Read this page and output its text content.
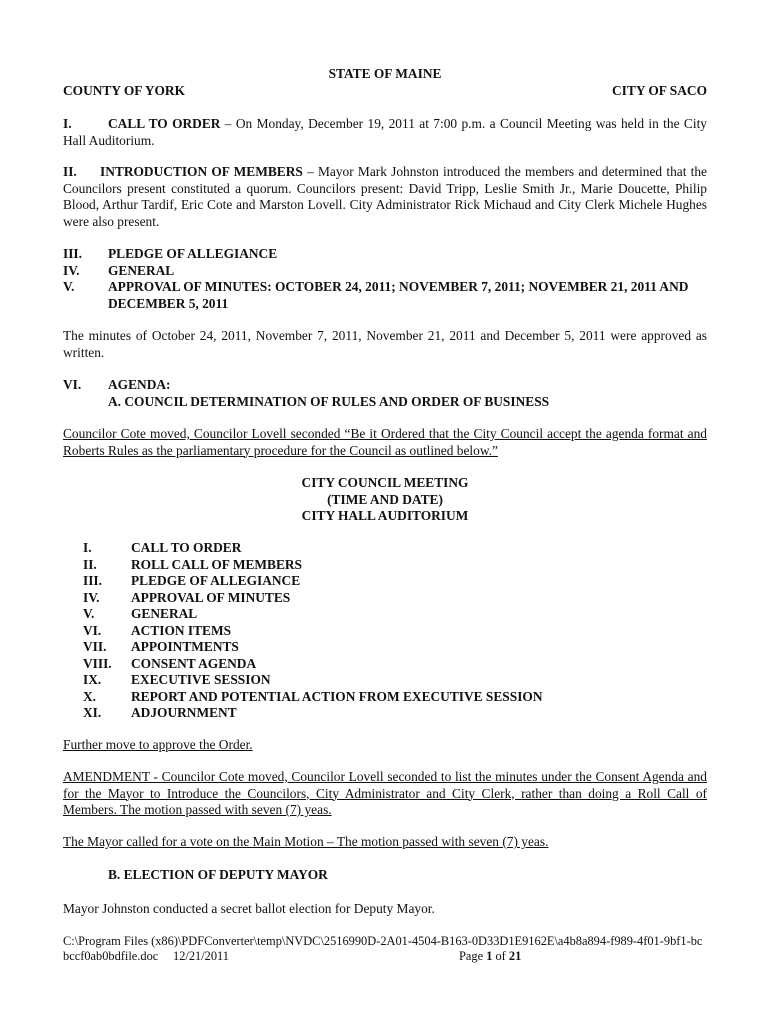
STATE OF MAINE
COUNTY OF YORK	CITY OF SACO
I.	CALL TO ORDER – On Monday, December 19, 2011 at 7:00 p.m. a Council Meeting was held in the City Hall Auditorium.
II. INTRODUCTION OF MEMBERS – Mayor Mark Johnston introduced the members and determined that the Councilors present constituted a quorum. Councilors present: David Tripp, Leslie Smith Jr., Marie Doucette, Philip Blood, Arthur Tardif, Eric Cote and Marston Lovell. City Administrator Rick Michaud and City Clerk Michele Hughes were also present.
III.	PLEDGE OF ALLEGIANCE
IV.	GENERAL
V.	APPROVAL OF MINUTES: OCTOBER 24, 2011; NOVEMBER 7, 2011; NOVEMBER 21, 2011 AND DECEMBER 5, 2011
The minutes of October 24, 2011, November 7, 2011, November 21, 2011 and December 5, 2011 were approved as written.
VI.	AGENDA:
A. COUNCIL DETERMINATION OF RULES AND ORDER OF BUSINESS
Councilor Cote moved, Councilor Lovell seconded “Be it Ordered that the City Council accept the agenda format and Roberts Rules as the parliamentary procedure for the Council as outlined below.”
CITY COUNCIL MEETING
(TIME AND DATE)
CITY HALL AUDITORIUM
I.	CALL TO ORDER
II.	ROLL CALL OF MEMBERS
III.	PLEDGE OF ALLEGIANCE
IV.	APPROVAL OF MINUTES
V.	GENERAL
VI.	ACTION ITEMS
VII.	APPOINTMENTS
VIII.	CONSENT AGENDA
IX.	EXECUTIVE SESSION
X.	REPORT AND POTENTIAL ACTION FROM EXECUTIVE SESSION
XI.	ADJOURNMENT
Further move to approve the Order.
AMENDMENT - Councilor Cote moved, Councilor Lovell seconded to list the minutes under the Consent Agenda and for the Mayor to Introduce the Councilors, City Administrator and City Clerk, rather than doing a Roll Call of Members. The motion passed with seven (7) yeas.
The Mayor called for a vote on the Main Motion – The motion passed with seven (7) yeas.
B. ELECTION OF DEPUTY MAYOR
Mayor Johnston conducted a secret ballot election for Deputy Mayor.
C:\Program Files (x86)\PDFConverter\temp\NVDC\2516990D-2A01-4504-B163-0D33D1E9162E\a4b8a894-f989-4f01-9bf1-bcbccf0ab0bdfile.doc	12/21/2011	Page 1 of 21
